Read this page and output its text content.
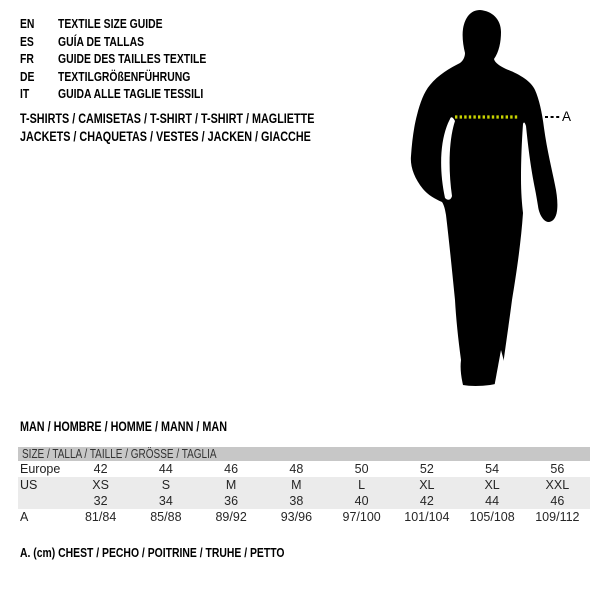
EN TEXTILE SIZE GUIDE
ES GUÍA DE TALLAS
FR GUIDE DES TAILLES TEXTILE
DE TEXTILGRÖßENFÜHRUNG
IT GUIDA ALLE TAGLIE TESSILI
T-SHIRTS / CAMISETAS / T-SHIRT / T-SHIRT / MAGLIETTE
JACKETS / CHAQUETAS / VESTES / JACKEN / GIACCHE
A
MAN / HOMBRE / HOMME / MANN / MAN
SIZE / TALLA / TAILLE / GRÖSSE / TAGLIA								
Europe	42	44	46	48	50	52	54	56
US	XS	S	M	M	L	XL	XL	XXL
	32	34	36	38	40	42	44	46
A	81/84	85/88	89/92	93/96	97/100	101/104	105/108	109/112
A. (cm) CHEST / PECHO / POITRINE / TRUHE / PETTO
